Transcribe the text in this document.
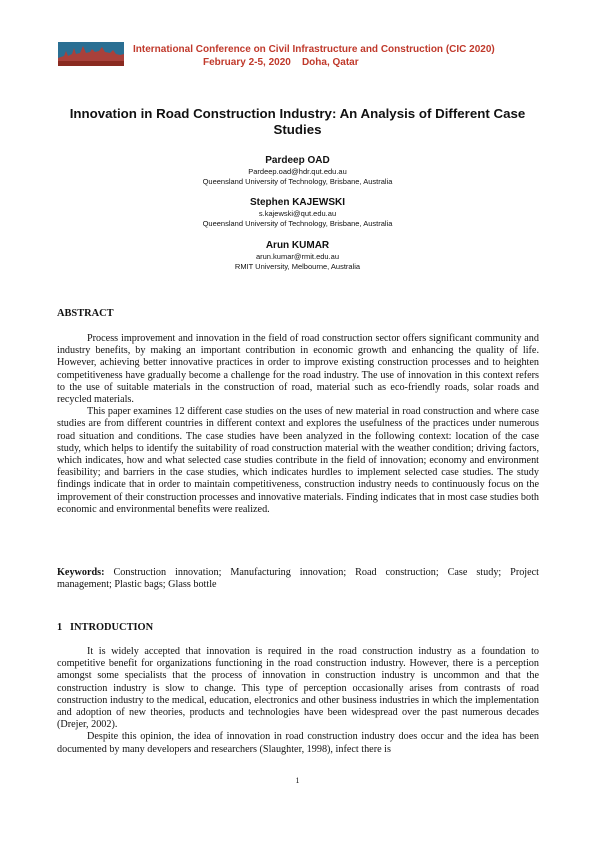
International Conference on Civil Infrastructure and Construction (CIC 2020)
February 2-5, 2020    Doha, Qatar
Innovation in Road Construction Industry: An Analysis of Different Case Studies
Pardeep OAD
Pardeep.oad@hdr.qut.edu.au
Queensland University of Technology, Brisbane, Australia
Stephen KAJEWSKI
s.kajewski@qut.edu.au
Queensland University of Technology, Brisbane, Australia
Arun KUMAR
arun.kumar@rmit.edu.au
RMIT University, Melbourne, Australia
ABSTRACT

Process improvement and innovation in the field of road construction sector offers significant community and industry benefits, by making an important contribution in economic growth and enhancing the quality of life. However, achieving better innovative practices in order to improve existing construction processes and to heighten competitiveness have gradually become a challenge for the road industry. The use of innovation in this context refers to the use of suitable materials in the construction of road, material such as eco-friendly roads, solar roads and recycled materials.

This paper examines 12 different case studies on the uses of new material in road construction and where case studies are from different countries in different context and explores the usefulness of the practices under numerous road situation and conditions. The case studies have been analyzed in the following context: location of the case study, which helps to identify the suitability of road construction material with the weather condition; driving factors, which indicates, how and what selected case studies contribute in the field of innovation; economy and environment feasibility; and barriers in the case studies, which indicates hurdles to implement selected case studies. The study findings indicate that in order to maintain competitiveness, construction industry needs to continuously focus on the improvement of their construction processes and innovative materials. Finding indicates that in most case studies both economic and environmental benefits were realized.

Keywords: Construction innovation; Manufacturing innovation; Road construction; Case study; Project management; Plastic bags; Glass bottle
1   INTRODUCTION

It is widely accepted that innovation is required in the road construction industry as a foundation to competitive benefit for organizations functioning in the road construction industry. However, there is a perception amongst some specialists that the process of innovation in construction industry is uncommon and that the construction industry is slow to change. This type of perception occasionally arises from contrasts of road construction industry to the medical, education, electronics and other business industries in which the implementation and adoption of new theories, products and technologies have been widespread over the past numerous decades (Drejer, 2002).

Despite this opinion, the idea of innovation in road construction industry does occur and the idea has been documented by many developers and researchers (Slaughter, 1998), infect there is

1
